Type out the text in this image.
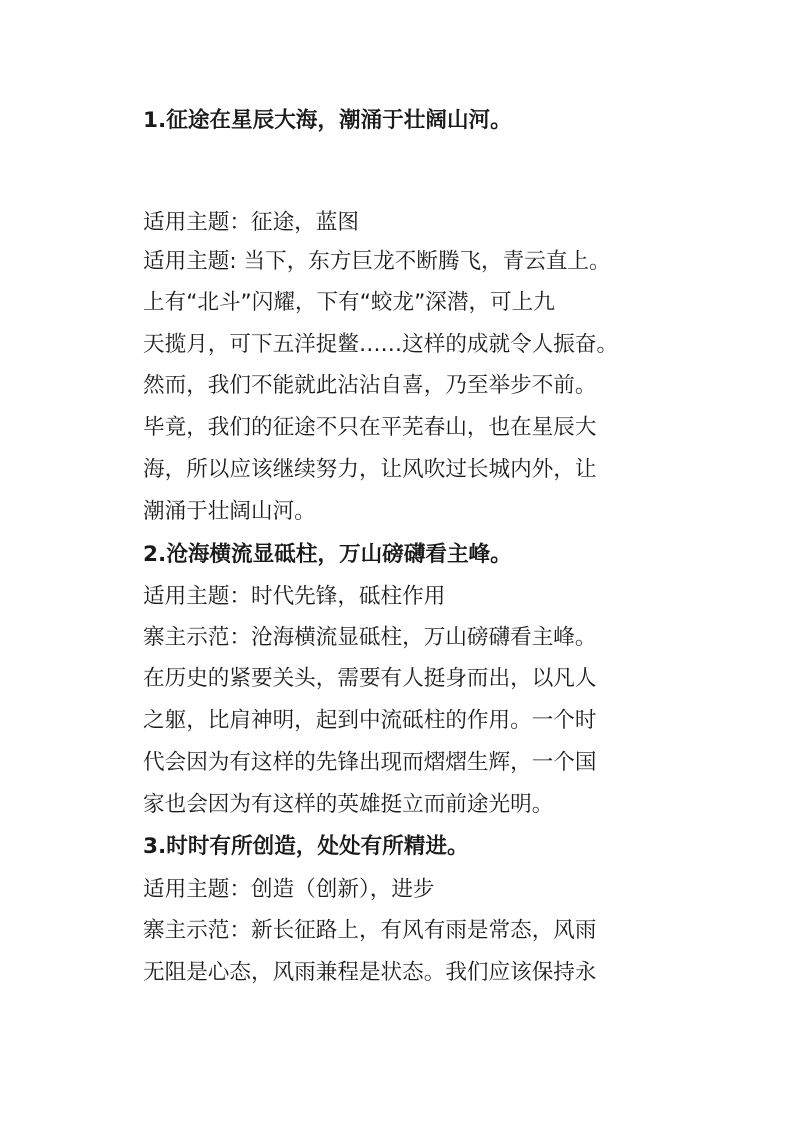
1.征途在星辰大海，潮涌于壮阔山河。
适用主题：征途，蓝图
适用主题: 当下，东方巨龙不断腾飞，青云直上。
上有“北斗”闪耀，下有“蛟龙”深潜，可上九
天揽月，可下五洋捉鳖……这样的成就令人振奋。
然而，我们不能就此沾沾自喜，乃至举步不前。
毕竟，我们的征途不只在平芜春山，也在星辰大
海，所以应该继续努力，让风吹过长城内外，让
潮涌于壮阔山河。
2.沧海横流显砥柱，万山磅礴看主峰。
适用主题：时代先锋，砥柱作用
寨主示范：沧海横流显砥柱，万山磅礴看主峰。
在历史的紧要关头，需要有人挺身而出，以凡人
之躯，比肩神明，起到中流砥柱的作用。一个时
代会因为有这样的先锋出现而熠熠生辉，一个国
家也会因为有这样的英雄挺立而前途光明。
3.时时有所创造，处处有所精进。
适用主题：创造（创新），进步
寨主示范：新长征路上，有风有雨是常态，风雨
无阻是心态，风雨兼程是状态。我们应该保持永
